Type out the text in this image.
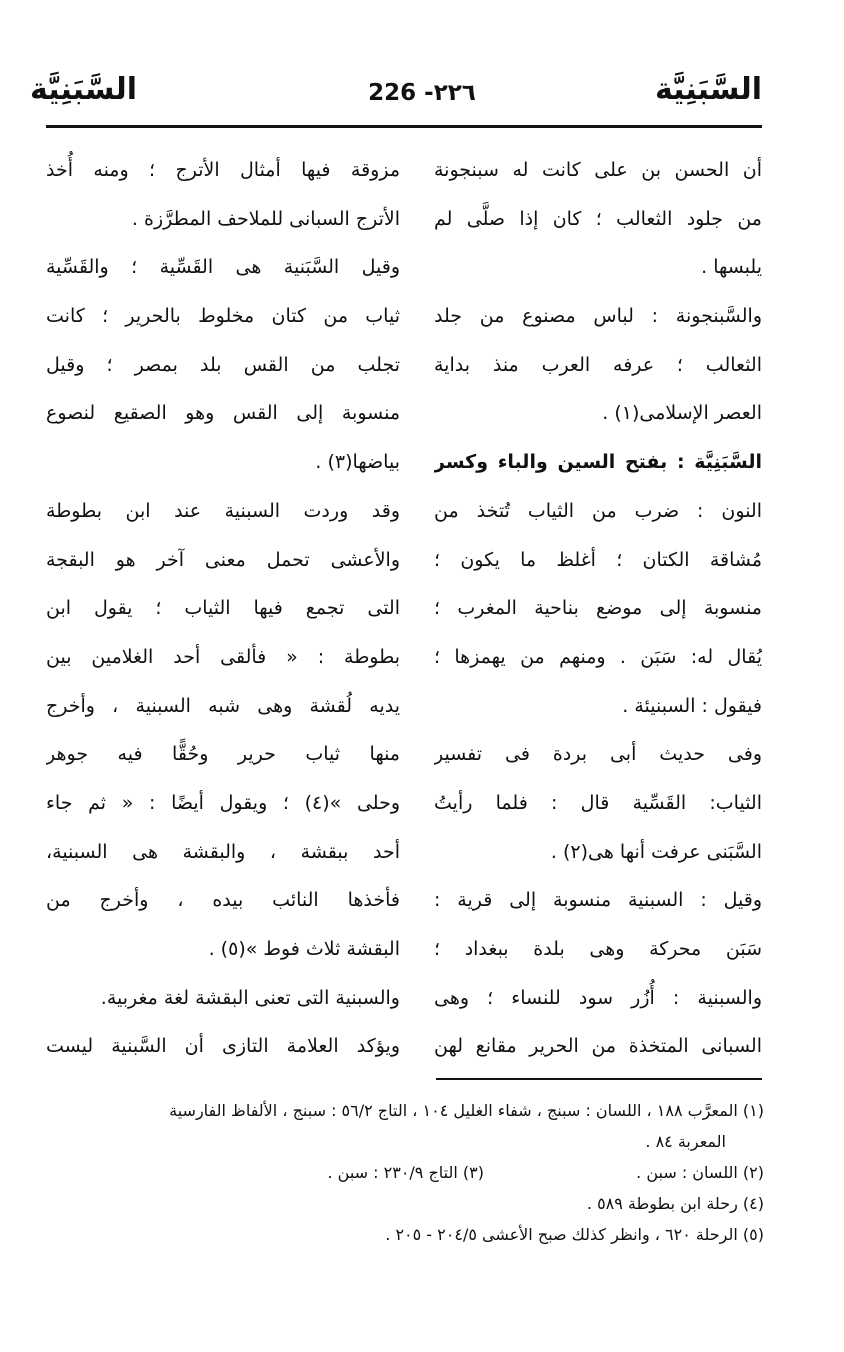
السَّبَنِيَّة
226 -٢٢٦
السَّبَنِيَّة
أن الحسن بن على كانت له سبنجونة
من جلود الثعالب ؛ كان إذا صلَّى لم
يلبسها .
والسَّبنجونة : لباس مصنوع من جلد
الثعالب ؛ عرفه العرب منذ بداية
العصر الإسلامى(١) .
السَّبَنِيَّة : بفتح السين والباء وكسر
النون : ضرب من الثياب تُتخذ من
مُشاقة الكتان ؛ أغلظ ما يكون ؛
منسوبة إلى موضع بناحية المغرب ؛
يُقال له: سَبَن . ومنهم من يهمزها ؛
فيقول : السبنيئة .
وفى حديث أبى بردة فى تفسير
الثياب: القَسِّية قال : فلما رأيتُ
السَّبَنى عرفت أنها هى(٢) .
وقيل : السبنية منسوبة إلى قرية :
سَبَن محركة وهى بلدة ببغداد ؛
والسبنية : أُزُر سود للنساء ؛ وهى
السبانى المتخذة من الحرير مقانع لهن
مزوقة فيها أمثال الأترج ؛ ومنه أُخذ
الأترج السبانى للملاحف المطرَّزة .
وقيل السَّبَنية هى القَسِّية ؛ والقَسِّية
ثياب من كتان مخلوط بالحرير ؛ كانت
تجلب من القس بلد بمصر ؛ وقيل
منسوبة إلى القس وهو الصقيع لنصوع
بياضها(٣) .
وقد وردت السبنية عند ابن بطوطة
والأعشى تحمل معنى آخر هو البقجة
التى تجمع فيها الثياب ؛ يقول ابن
بطوطة : « فألقى أحد الغلامين بين
يديه لُقشة وهى شبه السبنية ، وأخرج
منها ثياب حرير وحُقًّا فيه جوهر
وحلى »(٤) ؛ ويقول أيضًا : « ثم جاء
أحد ببقشة ، والبقشة هى السبنية،
فأخذها النائب بيده ، وأخرج من
البقشة ثلاث فوط »(٥) .
والسبنية التى تعنى البقشة لغة مغربية.
ويؤكد العلامة التازى أن السَّبنية ليست
(١) المعرَّب ١٨٨ ، اللسان : سبنج ، شفاء الغليل ١٠٤ ، التاج ٥٦/٢ : سبنج ، الألفاظ الفارسية
المعربة ٨٤ .
(٢) اللسان : سبن .
(٣) التاج ٢٣٠/٩ : سبن .
(٤) رحلة ابن بطوطة ٥٨٩ .
(٥) الرحلة ٦٢٠ ، وانظر كذلك صبح الأعشى ٢٠٤/٥ - ٢٠٥ .
